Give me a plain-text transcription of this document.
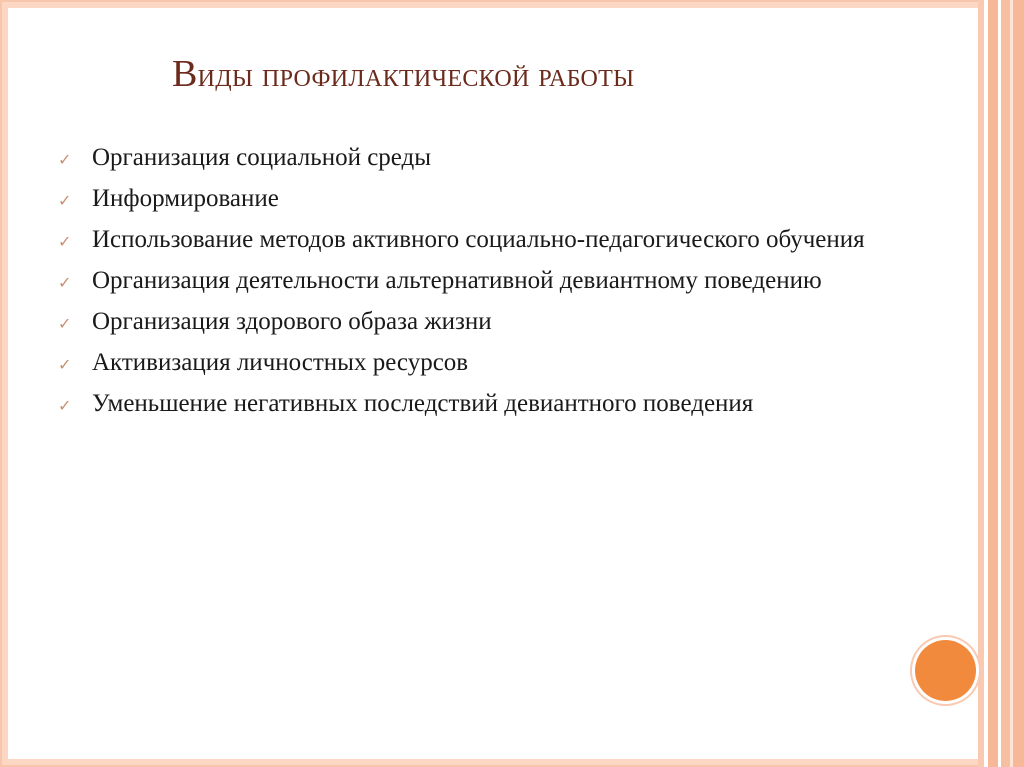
Виды профилактической работы
✓ Организация социальной среды
✓ Информирование
✓ Использование методов активного социально-педагогического обучения
✓ Организация деятельности альтернативной девиантному поведению
✓ Организация здорового образа жизни
✓ Активизация личностных ресурсов
✓ Уменьшение негативных последствий девиантного поведения
